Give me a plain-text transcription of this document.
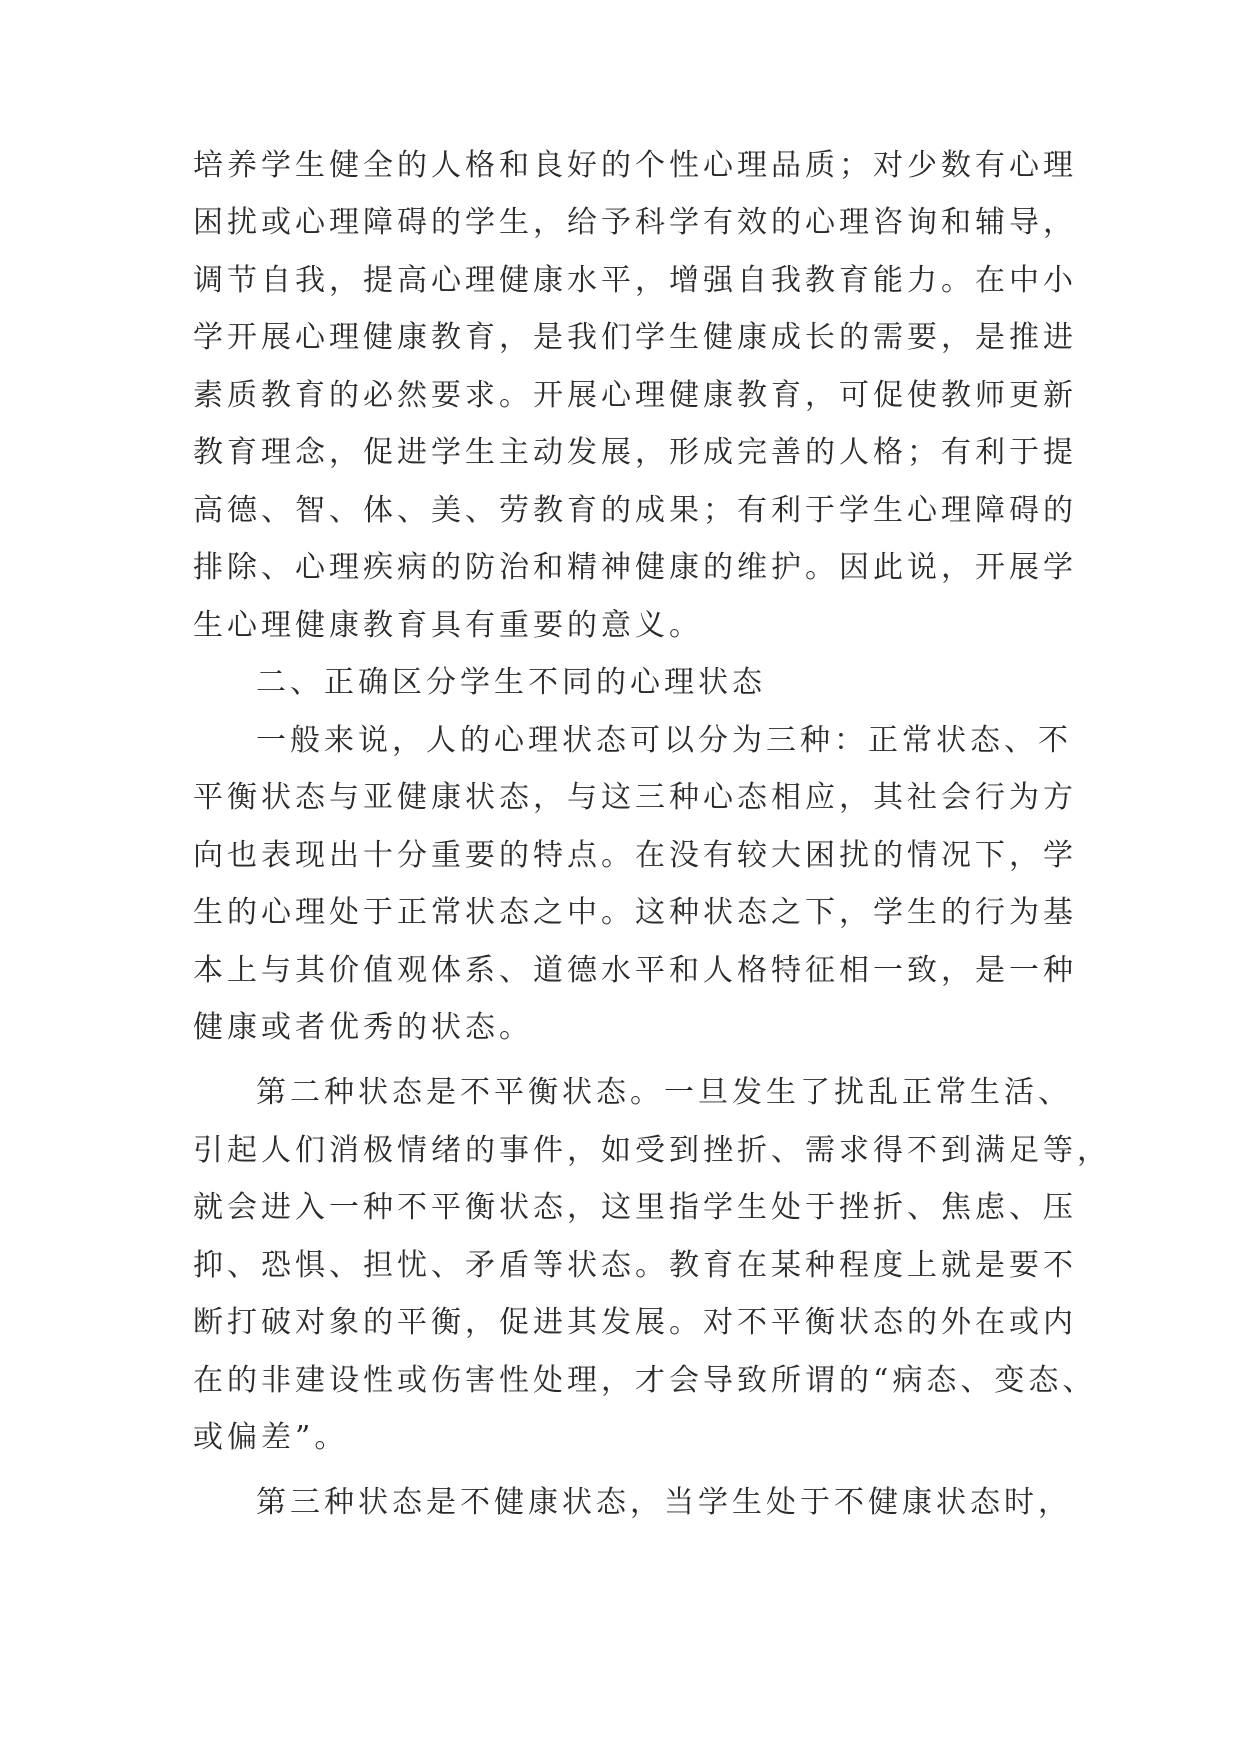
培养学生健全的人格和良好的个性心理品质；对少数有心理
困扰或心理障碍的学生，给予科学有效的心理咨询和辅导，
调节自我，提高心理健康水平，增强自我教育能力。在中小
学开展心理健康教育，是我们学生健康成长的需要，是推进
素质教育的必然要求。开展心理健康教育，可促使教师更新
教育理念，促进学生主动发展，形成完善的人格；有利于提
高德、智、体、美、劳教育的成果；有利于学生心理障碍的
排除、心理疾病的防治和精神健康的维护。因此说，开展学
生心理健康教育具有重要的意义。
二、正确区分学生不同的心理状态
一般来说，人的心理状态可以分为三种：正常状态、不
平衡状态与亚健康状态，与这三种心态相应，其社会行为方
向也表现出十分重要的特点。在没有较大困扰的情况下，学
生的心理处于正常状态之中。这种状态之下，学生的行为基
本上与其价值观体系、道德水平和人格特征相一致，是一种
健康或者优秀的状态。
第二种状态是不平衡状态。一旦发生了扰乱正常生活、
引起人们消极情绪的事件，如受到挫折、需求得不到满足等，
就会进入一种不平衡状态，这里指学生处于挫折、焦虑、压
抑、恐惧、担忧、矛盾等状态。教育在某种程度上就是要不
断打破对象的平衡，促进其发展。对不平衡状态的外在或内
在的非建设性或伤害性处理，才会导致所谓的“病态、变态、
或偏差”。
第三种状态是不健康状态，当学生处于不健康状态时，
